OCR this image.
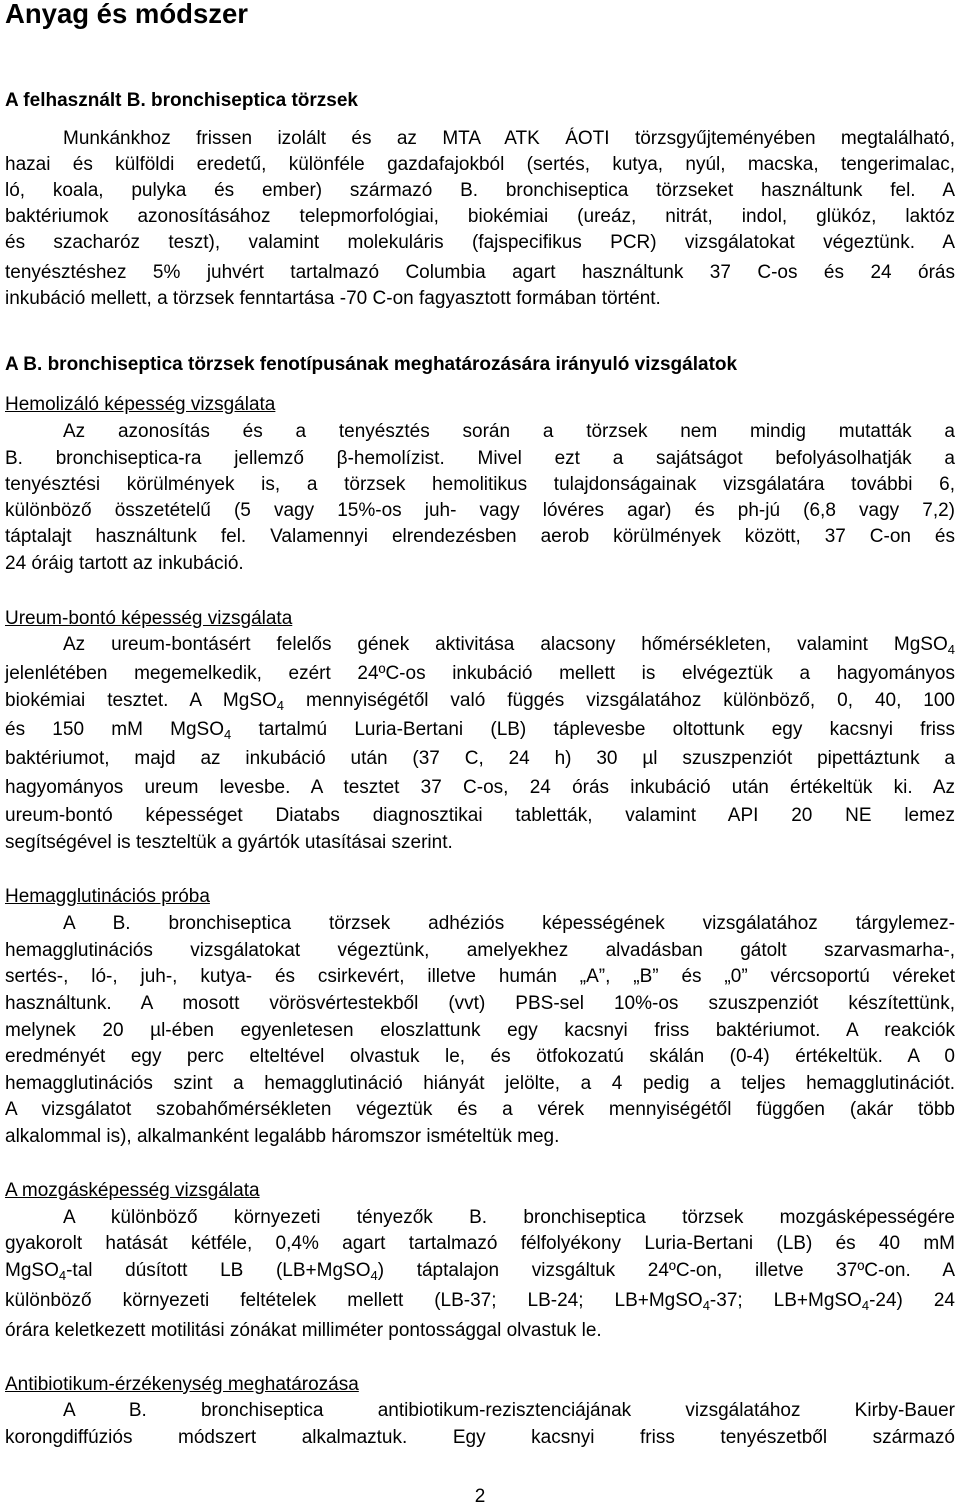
Anyag és módszer
A felhasznált B. bronchiseptica törzsek
Munkánkhoz frissen izolált és az MTA ATK ÁOTI törzsgyűjteményében megtalálható,
hazai és külföldi eredetű, különféle gazdafajokból (sertés, kutya, nyúl, macska, tengerimalac,
ló, koala, pulyka és ember) származó B. bronchiseptica törzseket használtunk fel. A
baktériumok azonosításához telepmorfológiai, biokémiai (ureáz, nitrát, indol, glükóz, laktóz
és szacharóz teszt), valamint molekuláris (fajspecifikus PCR) vizsgálatokat végeztünk. A
tenyésztéshez 5% juhvért tartalmazó Columbia agart használtunk 37 C-os és 24 órás
inkubáció mellett, a törzsek fenntartása -70 C-on fagyasztott formában történt.
A B. bronchiseptica törzsek fenotípusának meghatározására irányuló vizsgálatok
Hemolizáló képesség vizsgálata
Az azonosítás és a tenyésztés során a törzsek nem mindig mutatták a
B. bronchiseptica-ra jellemző β-hemolízist. Mivel ezt a sajátságot befolyásolhatják a
tenyésztési körülmények is, a törzsek hemolitikus tulajdonságainak vizsgálatára további 6,
különböző összetételű (5 vagy 15%-os juh- vagy lóvéres agar) és ph-jú (6,8 vagy 7,2)
táptalajt használtunk fel. Valamennyi elrendezésben aerob körülmények között, 37 C-on és
24 óráig tartott az inkubáció.
Ureum-bontó képesség vizsgálata
Az ureum-bontásért felelős gének aktivitása alacsony hőmérsékleten, valamint MgSO$_4$
jelenlétében megemelkedik, ezért 24ºC-os inkubáció mellett is elvégeztük a hagyományos
biokémiai tesztet. A MgSO$_4$ mennyiségétől való függés vizsgálatához különböző, 0, 40, 100
és 150 mM MgSO$_4$ tartalmú Luria-Bertani (LB) táplevesbe oltottunk egy kacsnyi friss
baktériumot, majd az inkubáció után (37 C, 24 h) 30 µl szuszpenziót pipettáztunk a
hagyományos ureum levesbe. A tesztet 37 C-os, 24 órás inkubáció után értékeltük ki. Az
ureum-bontó képességet Diatabs diagnosztikai tabletták, valamint API 20 NE lemez
segítségével is teszteltük a gyártók utasításai szerint.
Hemagglutinációs próba
A B. bronchiseptica törzsek adhéziós képességének vizsgálatához tárgylemez-
hemagglutinációs vizsgálatokat végeztünk, amelyekhez alvadásban gátolt szarvasmarha-,
sertés-, ló-, juh-, kutya- és csirkevért, illetve humán „A”, „B” és „0” vércsoportú véreket
használtunk. A mosott vörösvértestekből (vvt) PBS-sel 10%-os szuszpenziót készítettünk,
melynek 20 µl-ében egyenletesen eloszlattunk egy kacsnyi friss baktériumot. A reakciók
eredményét egy perc elteltével olvastuk le, és ötfokozatú skálán (0-4) értékeltük. A 0
hemagglutinációs szint a hemagglutináció hiányát jelölte, a 4 pedig a teljes hemagglutinációt.
A vizsgálatot szobahőmérsékleten végeztük és a vérek mennyiségétől függően (akár több
alkalommal is), alkalmanként legalább háromszor ismételtük meg.
A mozgásképesség vizsgálata
A különböző környezeti tényezők B. bronchiseptica törzsek mozgásképességére
gyakorolt hatását kétféle, 0,4% agart tartalmazó félfolyékony Luria-Bertani (LB) és 40 mM
MgSO$_4$-tal dúsított LB (LB+MgSO$_4$) táptalajon vizsgáltuk 24ºC-on, illetve 37ºC-on. A
különböző környezeti feltételek mellett (LB-37; LB-24; LB+MgSO$_4$-37; LB+MgSO$_4$-24) 24
órára keletkezett motilitási zónákat milliméter pontossággal olvastuk le.
Antibiotikum-érzékenység meghatározása
A B. bronchiseptica antibiotikum-rezisztenciájának vizsgálatához Kirby-Bauer
korongdiffúziós módszert alkalmaztuk. Egy kacsnyi friss tenyészetből származó
2
